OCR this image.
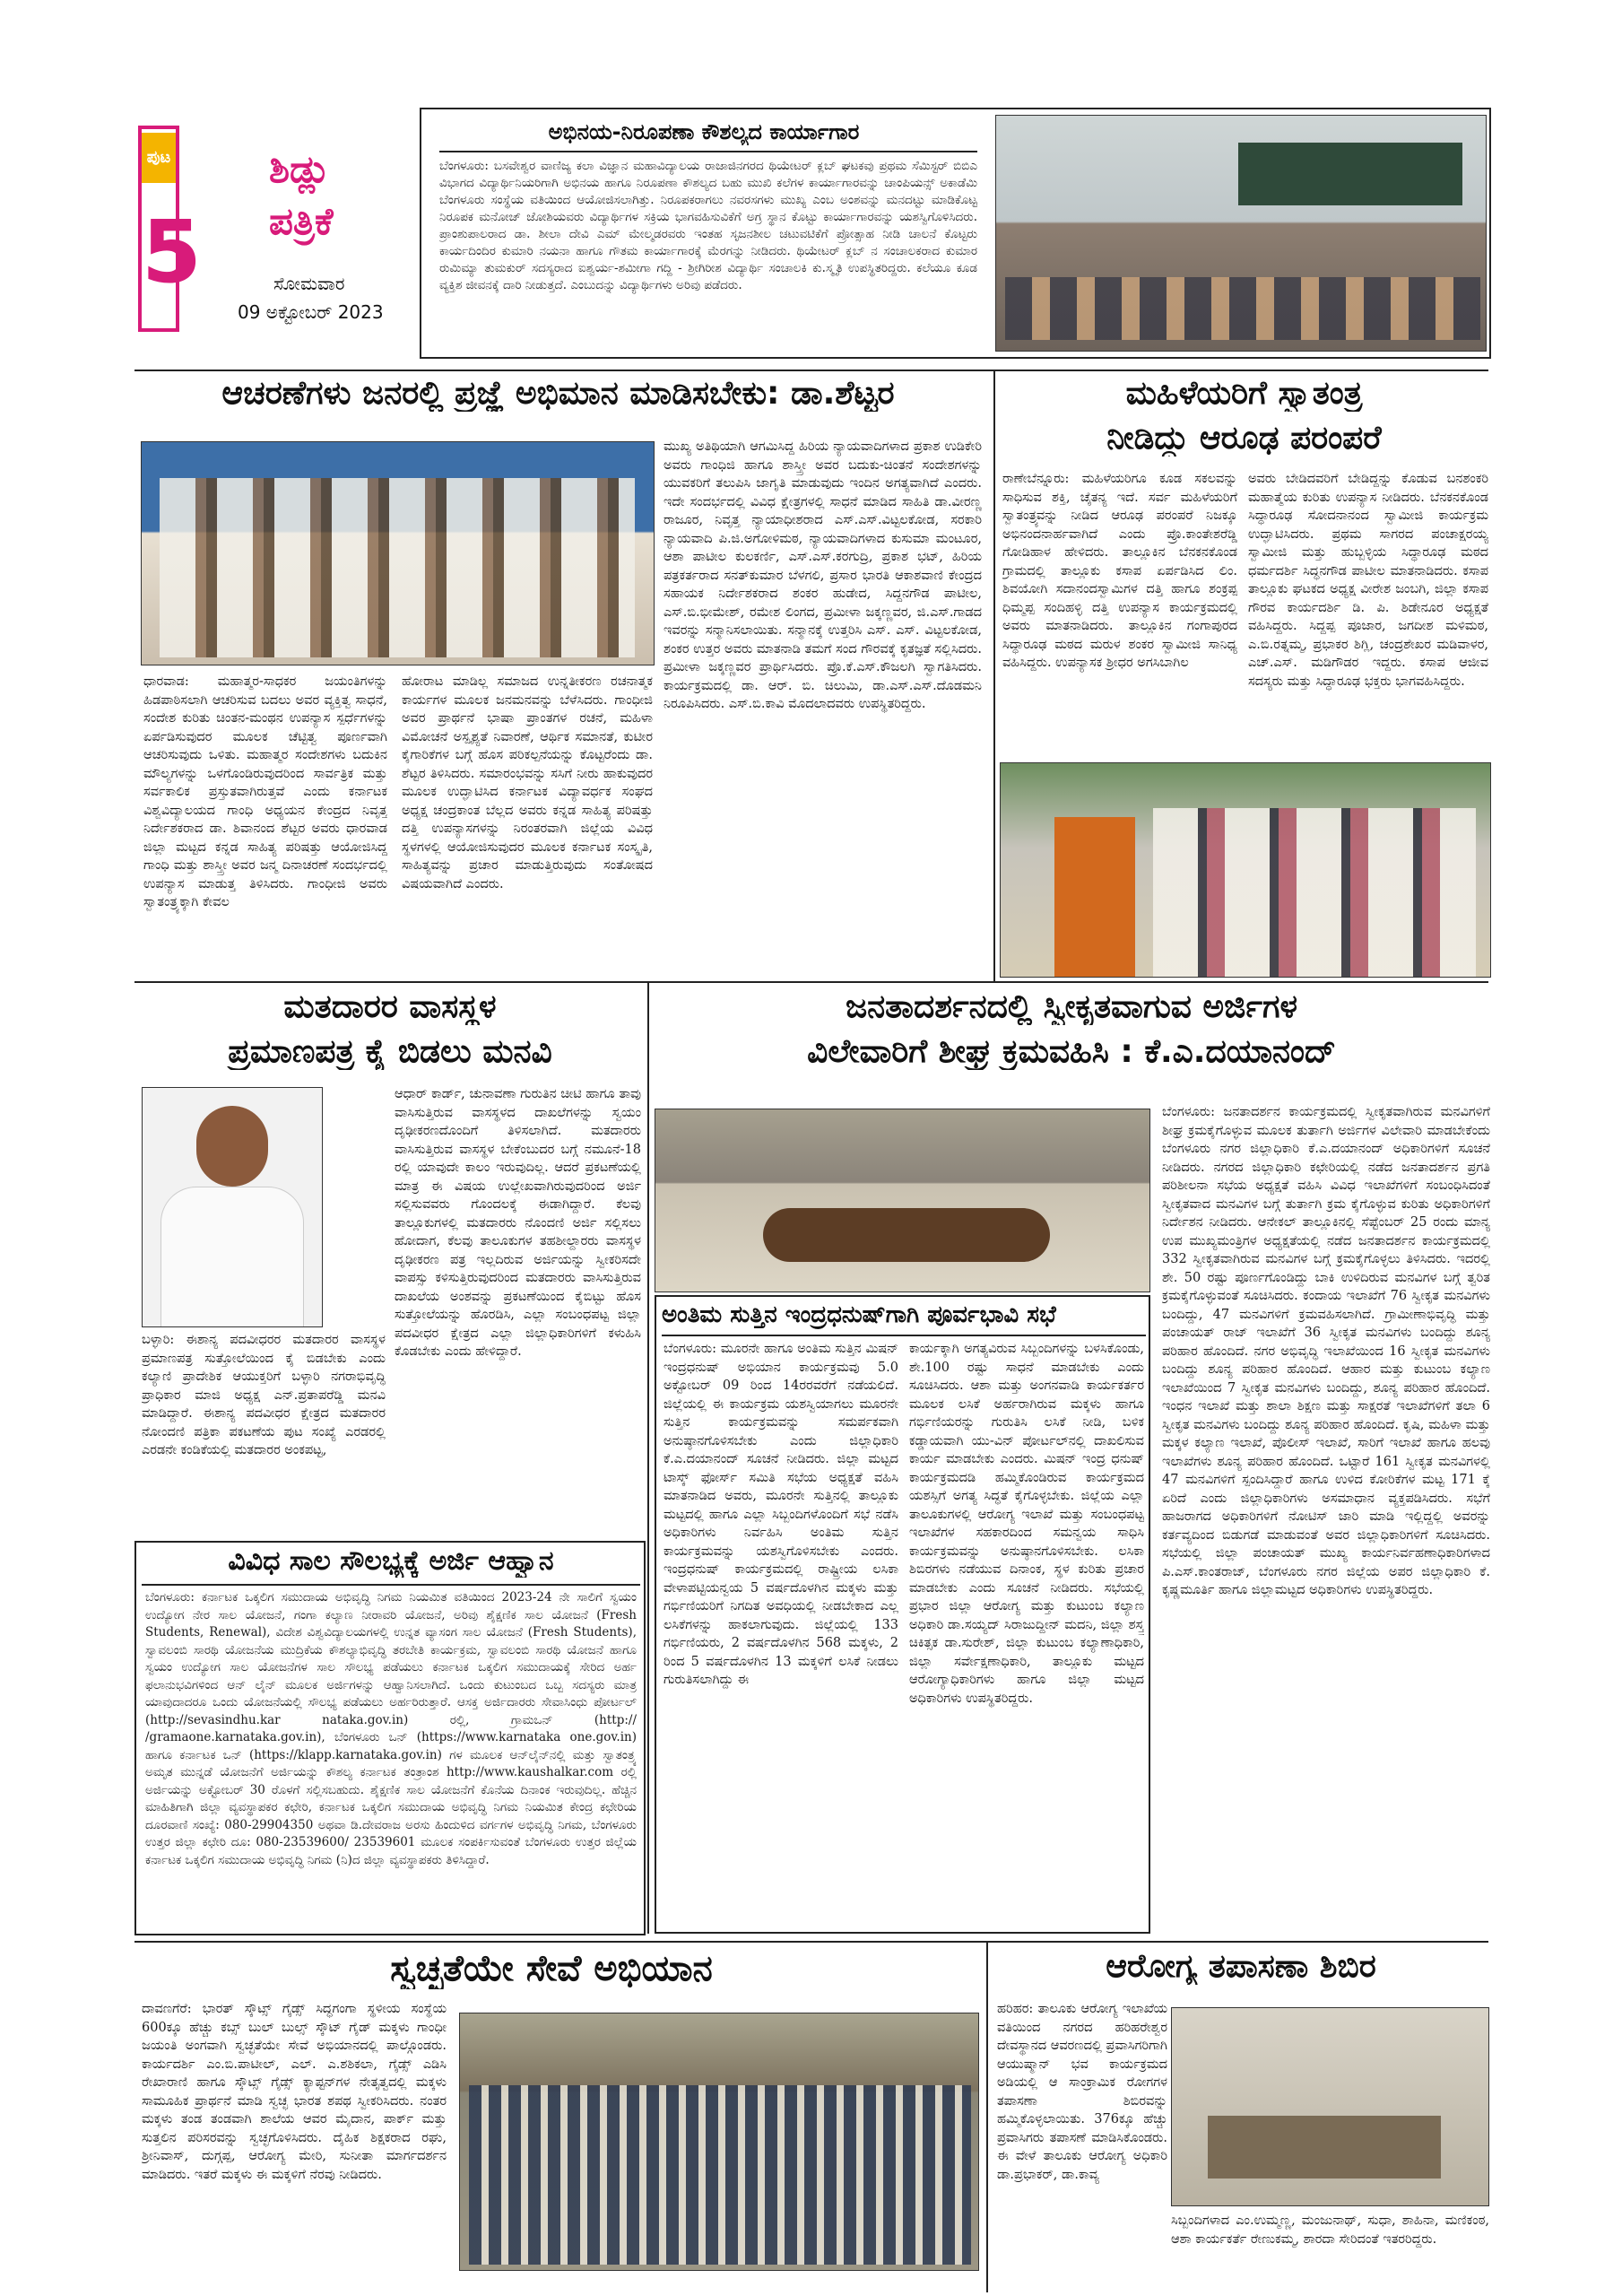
ಪುಟ
5
ಶಿಡ್ಲು
ಪತ್ರಿಕೆ
ಸೋಮವಾರ
09 ಅಕ್ಟೋಬರ್ 2023
ಅಭಿನಯ-ನಿರೂಪಣಾ ಕೌಶಲ್ಯದ ಕಾರ್ಯಾಗಾರ
ಬೆಂಗಳೂರು: ಬಸವೇಶ್ವರ ವಾಣಿಜ್ಯ ಕಲಾ ವಿಜ್ಞಾನ ಮಹಾವಿದ್ಯಾಲಯ ರಾಜಾಜಿನಗರದ ಥಿಯೇಟರ್ ಕ್ಲಬ್ ಘಟಕವು ಪ್ರಥಮ ಸೆಮಿಸ್ಟರ್ ಬಿಬಿಎ ವಿಭಾಗದ ವಿದ್ಯಾರ್ಥಿನಿಯರಿಗಾಗಿ ಅಭಿನಯ ಹಾಗೂ ನಿರೂಪಣಾ ಕೌಶಲ್ಯದ ಬಹು ಮುಖಿ ಕಲೆಗಳ ಕಾರ್ಯಾಗಾರವನ್ನು ಚಾಂಪಿಯನ್ಸ್ ಅಕಾಡೆಮಿ ಬೆಂಗಳೂರು ಸಂಸ್ಥೆಯ ವತಿಯಿಂದ ಆಯೋಜಿಸಲಾಗಿತ್ತು. ನಿರೂಪಕರಾಗಲು ನವರಸಗಳು ಮುಖ್ಯ ಎಂಬ ಅಂಶವನ್ನು ಮನದಟ್ಟು ಮಾಡಿಕೊಟ್ಟ ನಿರೂಪಕ ಮನೋಜ್ ಜೋಶಿಯವರು ವಿದ್ಯಾರ್ಥಿಗಳ ಸಕ್ರಿಯ ಭಾಗವಹಿಸುವಿಕೆಗೆ ಅಗ್ರ ಸ್ಥಾನ ಕೊಟ್ಟು ಕಾರ್ಯಾಗಾರವನ್ನು ಯಶಸ್ವಿಗೊಳಿಸಿದರು. ಪ್ರಾಂಶುಪಾಲರಾದ ಡಾ. ಶೀಲಾ ದೇವಿ ಎಮ್ ಮೇಲ್ಮಡರವರು ಇಂತಹ ಸೃಜನಶೀಲ ಚಟುವಟಿಕೆಗೆ ಪ್ರೋತ್ಸಾಹ ನೀಡಿ ಚಾಲನೆ ಕೊಟ್ಟರು ಕಾರ್ಯದಿಂದಿರ ಕುಮಾರಿ ನಯನಾ ಹಾಗೂ ಗೌತಮ ಕಾರ್ಯಾಗಾರಕ್ಕೆ ಮೆರಗನ್ನು ನೀಡಿದರು. ಥಿಯೇಟರ್ ಕ್ಲಬ್ ನ ಸಂಚಾಲಕರಾದ ಕುಮಾರ ರುಮಿಮ್ಯಾ ತುಮಕುರ್ ಸದಸ್ಯರಾದ ಐಶ್ವರ್ಯ-ಶಮೀಗಾ ಗದ್ದಿ - ಶ್ರೀಗಿರೀಶ ವಿದ್ಯಾರ್ಥಿ ಸಂಚಾಲಕಿ ಕು.ಸ್ಮೃತಿ ಉಪಸ್ಥಿತರಿದ್ದರು. ಕಲೆಯೂ ಕೂಡ ವ್ಯಕ್ತಿಶ ಜೀವನಕ್ಕೆ ದಾರಿ ನೀಡುತ್ತದೆ. ಎಂಬುದನ್ನು ವಿದ್ಯಾರ್ಥಿಗಳು ಅರಿವು ಪಡೆದರು.
ಆಚರಣೆಗಳು ಜನರಲ್ಲಿ ಪ್ರಜ್ಞೆ ಅಭಿಮಾನ ಮಾಡಿಸಬೇಕು: ಡಾ.ಶೆಟ್ಟರ
ಧಾರವಾಡ: ಮಹಾತ್ಮರ-ಸಾಧಕರ ಜಯಂತಿಗಳನ್ನು ಹಿಡಪಾಠಿಸಲಾಗಿ ಆಚರಿಸುವ ಬದಲು ಅವರ ವ್ಯಕ್ತಿತ್ವ ಸಾಧನೆ, ಸಂದೇಶ ಕುರಿತು ಚಿಂತನ-ಮಂಥನ ಉಪನ್ಯಾಸ ಸ್ಪರ್ಧೆಗಳನ್ನು ಏರ್ಪಡಿಸುವುದರ ಮೂಲಕ ಚೆಟ್ಟಿತ್ವ ಪೂರ್ಣವಾಗಿ ಆಚರಿಸುವುದು ಒಳಿತು. ಮಹಾತ್ಮರ ಸಂದೇಶಗಳು ಬದುಕಿನ ಮೌಲ್ಯಗಳನ್ನು ಒಳಗೊಂಡಿರುವುದರಿಂದ ಸಾರ್ವತ್ರಿಕ ಮತ್ತು ಸರ್ವಕಾಲಿಕ ಪ್ರಸ್ತುತವಾಗಿರುತ್ತವೆ ಎಂದು ಕರ್ನಾಟಕ ವಿಶ್ವವಿದ್ಯಾಲಯದ ಗಾಂಧಿ ಅಧ್ಯಯನ ಕೇಂದ್ರದ ನಿವೃತ್ತ ನಿರ್ದೇಶಕರಾದ ಡಾ. ಶಿವಾನಂದ ಶೆಟ್ಟರ ಅವರು ಧಾರವಾಡ ಜಿಲ್ಲಾ ಮಟ್ಟದ ಕನ್ನಡ ಸಾಹಿತ್ಯ ಪರಿಷತ್ತು ಆಯೋಜಿಸಿದ್ದ ಗಾಂಧಿ ಮತ್ತು ಶಾಸ್ತ್ರೀ ಅವರ ಜನ್ಮ ದಿನಾಚರಣೆ ಸಂದರ್ಭದಲ್ಲಿ ಉಪನ್ಯಾಸ ಮಾಡುತ್ತ ತಿಳಿಸಿದರು. ಗಾಂಧೀಜಿ ಅವರು ಸ್ವಾತಂತ್ರ್ಯಕ್ಕಾಗಿ ಕೇವಲ
ಹೋರಾಟ ಮಾಡಿಲ್ಲ ಸಮಾಜದ ಉನ್ನತೀಕರಣ ರಚನಾತ್ಮಕ ಕಾರ್ಯಗಳ ಮೂಲಕ ಜನಮನವನ್ನು ಬೆಳೆಸಿದರು. ಗಾಂಧೀಜಿ ಅವರ ಪ್ರಾರ್ಥನೆ ಭಾಷಾ ಪ್ರಾಂತಗಳ ರಚನೆ, ಮಹಿಳಾ ವಿಮೋಚನೆ ಅಸ್ಪೃಶ್ಯತೆ ನಿವಾರಣೆ, ಆರ್ಥಿಕ ಸಮಾನತೆ, ಕುಟೀರ ಕೈಗಾರಿಕೆಗಳ ಬಗ್ಗೆ ಹೊಸ ಪರಿಕಲ್ಪನೆಯನ್ನು ಕೊಟ್ಟರೆಂದು ಡಾ. ಶೆಟ್ಟರ ತಿಳಿಸಿದರು. ಸಮಾರಂಭವನ್ನು ಸಸಿಗೆ ನೀರು ಹಾಕುವುದರ ಮೂಲಕ ಉದ್ಘಾಟಿಸಿದ ಕರ್ನಾಟಕ ವಿದ್ಯಾವರ್ಧಕ ಸಂಘದ ಅಧ್ಯಕ್ಷ ಚಂದ್ರಕಾಂತ ಬೆಲ್ಲದ ಅವರು ಕನ್ನಡ ಸಾಹಿತ್ಯ ಪರಿಷತ್ತು ದತ್ತಿ ಉಪನ್ಯಾಸಗಳನ್ನು ನಿರಂತರವಾಗಿ ಜಿಲ್ಲೆಯ ವಿವಿಧ ಸ್ಥಳಗಳಲ್ಲಿ ಆಯೋಜಿಸುವುದರ ಮೂಲಕ ಕರ್ನಾಟಕ ಸಂಸ್ಕೃತಿ, ಸಾಹಿತ್ಯವನ್ನು ಪ್ರಚಾರ ಮಾಡುತ್ತಿರುವುದು ಸಂತೋಷದ ವಿಷಯವಾಗಿದೆ ಎಂದರು.
ಮುಖ್ಯ ಅತಿಥಿಯಾಗಿ ಆಗಮಿಸಿದ್ದ ಹಿರಿಯ ನ್ಯಾಯವಾದಿಗಳಾದ ಪ್ರಕಾಶ ಉಡಿಕೇರಿ ಅವರು ಗಾಂಧಿಜಿ ಹಾಗೂ ಶಾಸ್ತ್ರೀ ಅವರ ಬದುಕು-ಚಿಂತನೆ ಸಂದೇಶಗಳನ್ನು ಯುವಕರಿಗೆ ತಲುಪಿಸಿ ಜಾಗೃತಿ ಮಾಡುವುದು ಇಂದಿನ ಅಗತ್ಯವಾಗಿದೆ ಎಂದರು. ಇದೇ ಸಂದರ್ಭದಲ್ಲಿ ವಿವಿಧ ಕ್ಷೇತ್ರಗಳಲ್ಲಿ ಸಾಧನೆ ಮಾಡಿದ ಸಾಹಿತಿ ಡಾ.ವೀರಣ್ಣ ರಾಜೂರ, ನಿವೃತ್ತ ನ್ಯಾಯಾಧೀಶರಾದ ಎಸ್.ಎಸ್.ವಿಟ್ಟಲಕೋಡ, ಸರಕಾರಿ ನ್ಯಾಯವಾದಿ ಪಿ.ಜಿ.ಅಗೋಳಿಮಠ, ನ್ಯಾಯವಾದಿಗಳಾದ ಕುಸುಮಾ ಮಂಟೂರ, ಆಶಾ ಪಾಟೀಲ ಕುಲಕರ್ಣಿ, ಎಸ್.ಎಸ್.ಕರಗುದ್ರಿ, ಪ್ರಕಾಶ ಭಟ್, ಹಿರಿಯ ಪತ್ರಕರ್ತರಾದ ಸನತ್‌ಕುಮಾರ ಬೆಳಗಲಿ, ಪ್ರಸಾರ ಭಾರತಿ ಆಕಾಶವಾಣಿ ಕೇಂದ್ರದ ಸಹಾಯಕ ನಿರ್ದೇಶಕರಾದ ಶಂಕರ ಹುಡೇದ, ಸಿದ್ದನಗೌಡ ಪಾಟೀಲ, ಎಸ್.ಬಿ.ಭೀಮೇಶ್, ರಮೇಶ ಲಿಂಗದ, ಪ್ರಮೀಳಾ ಜಕ್ಕಣ್ಣವರ, ಜಿ.ಎಸ್.ಗಾಡದ ಇವರನ್ನು ಸನ್ಮಾನಿಸಲಾಯಿತು. ಸನ್ಮಾನಕ್ಕೆ ಉತ್ತರಿಸಿ ಎಸ್. ಎಸ್. ವಿಟ್ಟಲಕೋಡ, ಶಂಕರ ಉತ್ತರ ಅವರು ಮಾತನಾಡಿ ತಮಗೆ ಸಂದ ಗೌರವಕ್ಕೆ ಕೃತಜ್ಞತೆ ಸಲ್ಲಿಸಿದರು. ಪ್ರಮೀಳಾ ಜಕ್ಕಣ್ಣವರ ಪ್ರಾರ್ಥಿಸಿದರು. ಪ್ರೊ.ಕೆ.ಎಸ್.ಕೌಜಲಗಿ ಸ್ವಾಗತಿಸಿದರು. ಕಾರ್ಯಕ್ರಮದಲ್ಲಿ ಡಾ. ಆರ್. ಬಿ. ಚಿಲುಮಿ, ಡಾ.ಎಸ್.ಎಸ್.ದೊಡಮನಿ ನಿರೂಪಿಸಿದರು. ಎಸ್.ಬಿ.ಕಾವಿ ಮೊದಲಾದವರು ಉಪಸ್ಥಿತರಿದ್ದರು.
ಮಹಿಳೆಯರಿಗೆ ಸ್ವಾತಂತ್ರ
ನೀಡಿದ್ದು ಆರೂಢ ಪರಂಪರೆ
ರಾಣೇಬೆನ್ನೂರು: ಮಹಿಳೆಯರಿಗೂ ಕೂಡ ಸಕಲವನ್ನು ಸಾಧಿಸುವ ಶಕ್ತಿ, ಚೈತನ್ಯ ಇದೆ. ಸರ್ವ ಮಹಿಳೆಯರಿಗೆ ಸ್ವಾತಂತ್ರ್ಯವನ್ನು ನೀಡಿದ ಆರೂಢ ಪರಂಪರೆ ನಿಜಕ್ಕೂ ಅಭಿನಂದನಾರ್ಹವಾಗಿದೆ ಎಂದು ಪ್ರೊ.ಕಾಂತೇಶರೆಡ್ಡಿ ಗೋಡಿಹಾಳ ಹೇಳಿದರು. ತಾಲ್ಲೂಕಿನ ಬೆನಕನಕೊಂಡ ಗ್ರಾಮದಲ್ಲಿ ತಾಲ್ಲೂಕು ಕಸಾಪ ಏರ್ಪಡಿಸಿದ ಲಿಂ. ಶಿವಯೋಗಿ ಸದಾನಂದಸ್ವಾಮಿಗಳ ದತ್ತಿ ಹಾಗೂ ಶಂಕ್ರಪ್ಪ ಧಿಮ್ಮಪ್ಪ ಸಂದಿಹಳ್ಳಿ ದತ್ತಿ ಉಪನ್ಯಾಸ ಕಾರ್ಯಕ್ರಮದಲ್ಲಿ ಅವರು ಮಾತನಾಡಿದರು. ತಾಲ್ಲೂಕಿನ ಗಂಗಾಪುರದ ಸಿದ್ಧಾರೂಢ ಮಠದ ಮರುಳ ಶಂಕರ ಸ್ವಾಮೀಜಿ ಸಾನಿಧ್ಯ ವಹಿಸಿದ್ದರು. ಉಪನ್ಯಾಸಕ ಶ್ರೀಧರ ಅಗಸಿಬಾಗಿಲ
ಅವರು ಬೇಡಿದವರಿಗೆ ಬೇಡಿದ್ದನ್ನು ಕೊಡುವ ಬನಶಂಕರಿ ಮಹಾತ್ಮೆಯ ಕುರಿತು ಉಪನ್ಯಾಸ ನೀಡಿದರು. ಬೆನಕನಕೊಂಡ ಸಿದ್ಧಾರೂಢ ಸೋದನಾನಂದ ಸ್ವಾಮೀಜಿ ಕಾರ್ಯಕ್ರಮ ಉದ್ಘಾಟಿಸಿದರು. ಪ್ರಥಮ ಸಾಗರದ ಪಂಚಾಕ್ಷರಯ್ಯ ಸ್ವಾಮೀಜಿ ಮತ್ತು ಹುಬ್ಬಳ್ಳಿಯ ಸಿದ್ಧಾರೂಢ ಮಠದ ಧರ್ಮದರ್ಶಿ ಸಿದ್ಧನಗೌಡ ಪಾಟೀಲ ಮಾತನಾಡಿದರು. ಕಸಾಪ ತಾಲ್ಲೂಕು ಘಟಕದ ಅಧ್ಯಕ್ಷ ವೀರೇಶ ಜಂಬಗಿ, ಜಿಲ್ಲಾ ಕಸಾಪ ಗೌರವ ಕಾರ್ಯದರ್ಶಿ ಡಿ. ಪಿ. ಶಿಡೇನೂರ ಅಧ್ಯಕ್ಷತೆ ವಹಿಸಿದ್ದರು. ಸಿದ್ದಪ್ಪ ಪೂಜಾರ, ಜಗದೀಶ ಮಳಿಮಠ, ಎ.ಬಿ.ರತ್ನಮ್ಮ, ಪ್ರಭಾಕರ ಶಿಗ್ಲಿ, ಚಂದ್ರಶೇಖರ ಮಡಿವಾಳರ, ಎಚ್.ಎಸ್. ಮಡಿಗೌಡರ ಇದ್ದರು. ಕಸಾಪ ಆಜೀವ ಸದಸ್ಯರು ಮತ್ತು ಸಿದ್ಧಾರೂಢ ಭಕ್ತರು ಭಾಗವಹಿಸಿದ್ದರು.
ಮತದಾರರ ವಾಸಸ್ಥಳ
ಪ್ರಮಾಣಪತ್ರ ಕೈ ಬಿಡಲು ಮನವಿ
ಆಧಾರ್ ಕಾರ್ಡ್, ಚುನಾವಣಾ ಗುರುತಿನ ಚೀಟಿ ಹಾಗೂ ತಾವು ವಾಸಿಸುತ್ತಿರುವ ವಾಸಸ್ಥಳದ ದಾಖಲೆಗಳನ್ನು ಸ್ವಯಂ ದೃಢೀಕರಣದೊಂದಿಗೆ ತಿಳಿಸಲಾಗಿದೆ. ಮತದಾರರು ವಾಸಿಸುತ್ತಿರುವ ವಾಸಸ್ಥಳ ಬೇಕೆಂಬುದರ ಬಗ್ಗೆ ನಮೂನೆ-18 ರಲ್ಲಿ ಯಾವುದೇ ಕಾಲಂ ಇರುವುದಿಲ್ಲ. ಆದರೆ ಪ್ರಕಟಣೆಯಲ್ಲಿ ಮಾತ್ರ ಈ ವಿಷಯ ಉಲ್ಲೇಖವಾಗಿರುವುದರಿಂದ ಅರ್ಜಿ ಸಲ್ಲಿಸುವವರು ಗೊಂದಲಕ್ಕೆ ಈಡಾಗಿದ್ದಾರೆ. ಕೆಲವು ತಾಲ್ಲೂಕುಗಳಲ್ಲಿ ಮತದಾರರು ನೊಂದಣಿ ಅರ್ಜಿ ಸಲ್ಲಿಸಲು ಹೋದಾಗ, ಕೆಲವು ತಾಲೂಕುಗಳ ತಹಶೀಲ್ದಾರರು ವಾಸಸ್ಥಳ ದೃಢೀಕರಣ ಪತ್ರ ಇಲ್ಲದಿರುವ ಅರ್ಜಿಯನ್ನು ಸ್ವೀಕರಿಸದೇ ವಾಪಸ್ಸು ಕಳಿಸುತ್ತಿರುವುದರಿಂದ ಮತದಾರರು ವಾಸಿಸುತ್ತಿರುವ ದಾಖಲೆಯ ಅಂಶವನ್ನು ಪ್ರಕಟಣೆಯಿಂದ ಕೈಬಿಟ್ಟು ಹೊಸ ಸುತ್ತೋಲೆಯನ್ನು ಹೊರಡಿಸಿ, ಎಲ್ಲಾ ಸಂಬಂಧಪಟ್ಟ ಜಿಲ್ಲಾ ಪದವೀಧರ ಕ್ಷೇತ್ರದ ಎಲ್ಲಾ ಜಿಲ್ಲಾಧಿಕಾರಿಗಳಿಗೆ ಕಳುಹಿಸಿ ಕೊಡಬೇಕು ಎಂದು ಹೇಳಿದ್ದಾರೆ.
ಬಳ್ಳಾರಿ: ಈಶಾನ್ಯ ಪದವೀಧರರ ಮತದಾರರ ವಾಸಸ್ಥಳ ಪ್ರಮಾಣಪತ್ರ ಸುತ್ತೋಲೆಯಿಂದ ಕೈ ಬಿಡಬೇಕು ಎಂದು ಕಲ್ಯಾಣಿ ಪ್ರಾದೇಶಿಕ ಆಯುಕ್ತರಿಗೆ ಬಳ್ಳಾರಿ ನಗರಾಭಿವೃದ್ಧಿ ಪ್ರಾಧಿಕಾರ ಮಾಜಿ ಅಧ್ಯಕ್ಷ ಎನ್.ಪ್ರತಾಪರೆಡ್ಡಿ ಮನವಿ ಮಾಡಿದ್ದಾರೆ. ಈಶಾನ್ಯ ಪದವೀಧರ ಕ್ಷೇತ್ರದ ಮತದಾರರ ನೋಂದಣಿ ಪತ್ರಿಕಾ ಪಕಟಣೆಯ ಪುಟ ಸಂಖ್ಯೆ ಎರಡರಲ್ಲಿ ಎರಡನೇ ಕಂಡಿಕೆಯಲ್ಲಿ ಮತದಾರರ ಅಂಕಪಟ್ಟ,
ಜನತಾದರ್ಶನದಲ್ಲಿ ಸ್ವೀಕೃತವಾಗುವ ಅರ್ಜಿಗಳ
ವಿಲೇವಾರಿಗೆ ಶೀಘ್ರ ಕ್ರಮವಹಿಸಿ : ಕೆ.ಎ.ದಯಾನಂದ್
ಬೆಂಗಳೂರು: ಜನತಾದರ್ಶನ ಕಾರ್ಯಕ್ರಮದಲ್ಲಿ ಸ್ವೀಕೃತವಾಗಿರುವ ಮನವಿಗಳಿಗೆ ಶೀಘ್ರ ಕ್ರಮಕೈಗೊಳ್ಳುವ ಮೂಲಕ ತುರ್ತಾಗಿ ಅರ್ಜಿಗಳ ವಿಲೇವಾರಿ ಮಾಡಬೇಕೆಂದು ಬೆಂಗಳೂರು ನಗರ ಜಿಲ್ಲಾಧಿಕಾರಿ ಕೆ.ಎ.ದಯಾನಂದ್ ಅಧಿಕಾರಿಗಳಿಗೆ ಸೂಚನೆ ನೀಡಿದರು. ನಗರದ ಜಿಲ್ಲಾಧಿಕಾರಿ ಕಛೇರಿಯಲ್ಲಿ ನಡೆದ ಜನತಾದರ್ಶನ ಪ್ರಗತಿ ಪರಿಶೀಲನಾ ಸಭೆಯ ಅಧ್ಯಕ್ಷತೆ ವಹಿಸಿ ವಿವಿಧ ಇಲಾಖೆಗಳಿಗೆ ಸಂಬಂಧಿಸಿದಂತೆ ಸ್ವೀಕೃತವಾದ ಮನವಿಗಳ ಬಗ್ಗೆ ತುರ್ತಾಗಿ ಕ್ರಮ ಕೈಗೊಳ್ಳುವ ಕುರಿತು ಅಧಿಕಾರಿಗಳಿಗೆ ನಿರ್ದೇಶನ ನೀಡಿದರು. ಆನೇಕಲ್ ತಾಲ್ಲೂಕಿನಲ್ಲಿ ಸೆಪ್ಟೆಂಬರ್ 25 ರಂದು ಮಾನ್ಯ ಉಪ ಮುಖ್ಯಮಂತ್ರಿಗಳ ಅಧ್ಯಕ್ಷತೆಯಲ್ಲಿ ನಡೆದ ಜನತಾದರ್ಶನ ಕಾರ್ಯಕ್ರಮದಲ್ಲಿ 332 ಸ್ವೀಕೃತವಾಗಿರುವ ಮನವಿಗಳ ಬಗ್ಗೆ ಕ್ರಮಕೈಗೊಳ್ಳಲು ತಿಳಿಸಿದರು. ಇದರಲ್ಲಿ ಶೇ. 50 ರಷ್ಟು ಪೂರ್ಣಗೊಂಡಿದ್ದು ಬಾಕಿ ಉಳಿದಿರುವ ಮನವಿಗಳ ಬಗ್ಗೆ ತ್ವರಿತ ಕ್ರಮಕೈಗೊಳ್ಳುವಂತೆ ಸೂಚಿಸಿದರು. ಕಂದಾಯ ಇಲಾಖೆಗೆ 76 ಸ್ವೀಕೃತ ಮನವಿಗಳು ಬಂದಿದ್ದು, 47 ಮನವಿಗಳಿಗೆ ಕ್ರಮವಹಿಸಲಾಗಿದೆ. ಗ್ರಾಮೀಣಾಭಿವೃದ್ಧಿ ಮತ್ತು ಪಂಚಾಯತ್ ರಾಜ್ ಇಲಾಖೆಗೆ 36 ಸ್ವೀಕೃತ ಮನವಿಗಳು ಬಂದಿದ್ದು ಶೂನ್ಯ ಪರಿಹಾರ ಹೊಂದಿದೆ. ನಗರ ಅಭಿವೃದ್ಧಿ ಇಲಾಖೆಯಿಂದ 16 ಸ್ವೀಕೃತ ಮನವಿಗಳು ಬಂದಿದ್ದು ಶೂನ್ಯ ಪರಿಹಾರ ಹೊಂದಿದೆ. ಆಹಾರ ಮತ್ತು ಕುಟುಂಬ ಕಲ್ಯಾಣ ಇಲಾಖೆಯಿಂದ 7 ಸ್ವೀಕೃತ ಮನವಿಗಳು ಬಂದಿದ್ದು, ಶೂನ್ಯ ಪರಿಹಾರ ಹೊಂದಿದೆ. ಇಂಧನ ಇಲಾಖೆ ಮತ್ತು ಶಾಲಾ ಶಿಕ್ಷಣ ಮತ್ತು ಸಾಕ್ಷರತೆ ಇಲಾಖೆಗಳಿಗೆ ತಲಾ 6 ಸ್ವೀಕೃತ ಮನವಿಗಳು ಬಂದಿದ್ದು ಶೂನ್ಯ ಪರಿಹಾರ ಹೊಂದಿದೆ. ಕೃಷಿ, ಮಹಿಳಾ ಮತ್ತು ಮಕ್ಕಳ ಕಲ್ಯಾಣ ಇಲಾಖೆ, ಪೊಲೀಸ್ ಇಲಾಖೆ, ಸಾರಿಗೆ ಇಲಾಖೆ ಹಾಗೂ ಹಲವು ಇಲಾಖೆಗಳು ಶೂನ್ಯ ಪರಿಹಾರ ಹೊಂದಿದೆ. ಒಟ್ಟಾರೆ 161 ಸ್ವೀಕೃತ ಮನವಿಗಳಲ್ಲಿ 47 ಮನವಿಗಳಿಗೆ ಸ್ಪಂದಿಸಿದ್ದಾರೆ ಹಾಗೂ ಉಳಿದ ಕೋರಿಕೆಗಳ ಮಟ್ಟ 171 ಕ್ಕೆ ಏರಿದೆ ಎಂದು ಜಿಲ್ಲಾಧಿಕಾರಿಗಳು ಅಸಮಾಧಾನ ವ್ಯಕ್ತಪಡಿಸಿದರು. ಸಭೆಗೆ ಹಾಜರಾಗದ ಅಧಿಕಾರಿಗಳಿಗೆ ನೋಟಿಸ್ ಜಾರಿ ಮಾಡಿ ಇಲ್ಲಿದ್ದಲ್ಲಿ ಅವರನ್ನು ಕರ್ತವ್ಯದಿಂದ ಬಿಡುಗಡೆ ಮಾಡುವಂತೆ ಅವರ ಜಿಲ್ಲಾಧಿಕಾರಿಗಳಿಗೆ ಸೂಚಿಸಿದರು. ಸಭೆಯಲ್ಲಿ ಜಿಲ್ಲಾ ಪಂಚಾಯತ್ ಮುಖ್ಯ ಕಾರ್ಯನಿರ್ವಹಣಾಧಿಕಾರಿಗಳಾದ ಪಿ.ಎಸ್.ಕಾಂತರಾಜ್, ಬೆಂಗಳೂರು ನಗರ ಜಿಲ್ಲೆಯ ಅಪರ ಜಿಲ್ಲಾಧಿಕಾರಿ ಕೆ. ಕೃಷ್ಣಮೂರ್ತಿ ಹಾಗೂ ಜಿಲ್ಲಾಮಟ್ಟದ ಅಧಿಕಾರಿಗಳು ಉಪಸ್ಥಿತರಿದ್ದರು.
ಅಂತಿಮ ಸುತ್ತಿನ ಇಂದ್ರಧನುಷ್‌ಗಾಗಿ ಪೂರ್ವಭಾವಿ ಸಭೆ
ಬೆಂಗಳೂರು: ಮೂರನೇ ಹಾಗೂ ಅಂತಿಮ ಸುತ್ತಿನ ಮಿಷನ್ ಇಂದ್ರಧನುಷ್ ಅಭಿಯಾನ ಕಾರ್ಯಕ್ರಮವು 5.0 ಅಕ್ಟೋಬರ್ 09 ರಿಂದ 14ರರವರೆಗೆ ನಡೆಯಲಿದೆ. ಜಿಲ್ಲೆಯಲ್ಲಿ ಈ ಕಾರ್ಯಕ್ರಮ ಯಶಸ್ವಿಯಾಗಲು ಮೂರನೇ ಸುತ್ತಿನ ಕಾರ್ಯಕ್ರಮವನ್ನು ಸಮರ್ಪಕವಾಗಿ ಅನುಷ್ಠಾನಗೊಳಿಸಬೇಕು ಎಂದು ಜಿಲ್ಲಾಧಿಕಾರಿ ಕೆ.ಎ.ದಯಾನಂದ್ ಸೂಚನೆ ನೀಡಿದರು. ಜಿಲ್ಲಾ ಮಟ್ಟದ ಟಾಸ್ಕ್ ಫೋರ್ಸ್ ಸಮಿತಿ ಸಭೆಯ ಅಧ್ಯಕ್ಷತೆ ವಹಿಸಿ ಮಾತನಾಡಿದ ಅವರು, ಮೂರನೇ ಸುತ್ತಿನಲ್ಲಿ ತಾಲ್ಲೂಕು ಮಟ್ಟದಲ್ಲಿ ಹಾಗೂ ಎಲ್ಲಾ ಸಿಬ್ಬಂದಿಗಳೊಂದಿಗೆ ಸಭೆ ನಡೆಸಿ ಅಧಿಕಾರಿಗಳು ನಿರ್ವಹಿಸಿ ಅಂತಿಮ ಸುತ್ತಿನ ಕಾರ್ಯಕ್ರಮವನ್ನು ಯಶಸ್ವಿಗೊಳಿಸಬೇಕು ಎಂದರು. ಇಂದ್ರಧನುಷ್ ಕಾರ್ಯಕ್ರಮದಲ್ಲಿ ರಾಷ್ಟ್ರೀಯ ಲಸಿಕಾ ವೇಳಾಪಟ್ಟಿಯನ್ವಯ 5 ವರ್ಷದೊಳಗಿನ ಮಕ್ಕಳು ಮತ್ತು ಗರ್ಭಿಣಿಯರಿಗೆ ನಿಗದಿತ ಅವಧಿಯಲ್ಲಿ ನೀಡಬೇಕಾದ ಎಲ್ಲ ಲಸಿಕೆಗಳನ್ನು ಹಾಕಲಾಗುವುದು. ಜಿಲ್ಲೆಯಲ್ಲಿ 133 ಗರ್ಭಿಣಿಯರು, 2 ವರ್ಷದೊಳಗಿನ 568 ಮಕ್ಕಳು, 2 ರಿಂದ 5 ವರ್ಷದೊಳಗಿನ 13 ಮಕ್ಕಳಿಗೆ ಲಸಿಕೆ ನೀಡಲು ಗುರುತಿಸಲಾಗಿದ್ದು ಈ
ಕಾರ್ಯಕ್ಕಾಗಿ ಅಗತ್ಯವಿರುವ ಸಿಬ್ಬಂದಿಗಳನ್ನು ಬಳಸಿಕೊಂಡು, ಶೇ.100 ರಷ್ಟು ಸಾಧನೆ ಮಾಡಬೇಕು ಎಂದು ಸೂಚಿಸಿದರು. ಆಶಾ ಮತ್ತು ಅಂಗನವಾಡಿ ಕಾರ್ಯಕರ್ತರ ಮೂಲಕ ಲಸಿಕೆ ಅರ್ಹರಾಗಿರುವ ಮಕ್ಕಳು ಹಾಗೂ ಗರ್ಭಿಣಿಯರನ್ನು ಗುರುತಿಸಿ ಲಸಿಕೆ ನೀಡಿ, ಬಳಿಕ ಕಡ್ಡಾಯವಾಗಿ ಯು-ವಿನ್ ಪೋರ್ಟಲ್‌ನಲ್ಲಿ ದಾಖಲಿಸುವ ಕಾರ್ಯ ಮಾಡಬೇಕು ಎಂದರು. ಮಿಷನ್ ಇಂದ್ರ ಧನುಷ್ ಕಾರ್ಯಕ್ರಮದಡಿ ಹಮ್ಮಿಕೊಂಡಿರುವ ಕಾರ್ಯಕ್ರಮದ ಯಶಸ್ಸಿಗೆ ಅಗತ್ಯ ಸಿದ್ಧತೆ ಕೈಗೊಳ್ಳಬೇಕು. ಜಿಲ್ಲೆಯ ಎಲ್ಲಾ ತಾಲೂಕುಗಳಲ್ಲಿ ಆರೋಗ್ಯ ಇಲಾಖೆ ಮತ್ತು ಸಂಬಂಧಪಟ್ಟ ಇಲಾಖೆಗಳ ಸಹಕಾರದಿಂದ ಸಮನ್ವಯ ಸಾಧಿಸಿ ಕಾರ್ಯಕ್ರಮವನ್ನು ಅನುಷ್ಠಾನಗೊಳಿಸಬೇಕು. ಲಸಿಕಾ ಶಿಬಿರಗಳು ನಡೆಯುವ ದಿನಾಂಕ, ಸ್ಥಳ ಕುರಿತು ಪ್ರಚಾರ ಮಾಡಬೇಕು ಎಂದು ಸೂಚನೆ ನೀಡಿದರು. ಸಭೆಯಲ್ಲಿ ಪ್ರಭಾರ ಜಿಲ್ಲಾ ಆರೋಗ್ಯ ಮತ್ತು ಕುಟುಂಬ ಕಲ್ಯಾಣ ಅಧಿಕಾರಿ ಡಾ.ಸಯ್ಯದ್ ಸಿರಾಜುದ್ದೀನ್ ಮದನಿ, ಜಿಲ್ಲಾ ಶಸ್ತ್ರ ಚಿಕಿತ್ಸಕ ಡಾ.ಸುರೇಶ್, ಜಿಲ್ಲಾ ಕುಟುಂಬ ಕಲ್ಯಾಣಾಧಿಕಾರಿ, ಜಿಲ್ಲಾ ಸರ್ವೇಕ್ಷಣಾಧಿಕಾರಿ, ತಾಲ್ಲೂಕು ಮಟ್ಟದ ಆರೋಗ್ಯಾಧಿಕಾರಿಗಳು ಹಾಗೂ ಜಿಲ್ಲಾ ಮಟ್ಟದ ಅಧಿಕಾರಿಗಳು ಉಪಸ್ಥಿತರಿದ್ದರು.
ವಿವಿಧ ಸಾಲ ಸೌಲಭ್ಯಕ್ಕೆ ಅರ್ಜಿ ಆಹ್ವಾನ
ಬೆಂಗಳೂರು: ಕರ್ನಾಟಕ ಒಕ್ಕಲಿಗ ಸಮುದಾಯ ಅಭಿವೃದ್ಧಿ ನಿಗಮ ನಿಯಮಿತ ವತಿಯಿಂದ 2023-24 ನೇ ಸಾಲಿಗೆ ಸ್ವಯಂ ಉದ್ಯೋಗ ನೇರ ಸಾಲ ಯೋಜನೆ, ಗಂಗಾ ಕಲ್ಯಾಣ ನೀರಾವರಿ ಯೋಜನೆ, ಅರಿವು ಶೈಕ್ಷಣಿಕ ಸಾಲ ಯೋಜನೆ (Fresh Students, Renewal), ವಿದೇಶ ವಿಶ್ವವಿದ್ಯಾಲಯಗಳಲ್ಲಿ ಉನ್ನತ ವ್ಯಾಸಂಗ ಸಾಲ ಯೋಜನೆ (Fresh Students), ಸ್ವಾವಲಂಬಿ ಸಾರಥಿ ಯೋಜನೆಯ ಮುದ್ರಿಕೆಯ ಕೌಶಲ್ಯಾಭಿವೃದ್ಧಿ ತರಬೇತಿ ಕಾರ್ಯಕ್ರಮ, ಸ್ವಾವಲಂಬಿ ಸಾರಥಿ ಯೋಜನೆ ಹಾಗೂ ಸ್ವಯಂ ಉದ್ಯೋಗ ಸಾಲ ಯೋಜನೆಗಳ ಸಾಲ ಸೌಲಭ್ಯ ಪಡೆಯಲು ಕರ್ನಾಟಕ ಒಕ್ಕಲಿಗ ಸಮುದಾಯಕ್ಕೆ ಸೇರಿದ ಅರ್ಹ ಫಲಾನುಭವಿಗಳಿಂದ ಆನ್ ಲೈನ್ ಮೂಲಕ ಅರ್ಜಿಗಳನ್ನು ಆಹ್ವಾನಿಸಲಾಗಿದೆ. ಒಂದು ಕುಟುಂಬದ ಒಬ್ಬ ಸದಸ್ಯರು ಮಾತ್ರ ಯಾವುದಾದರೂ ಒಂದು ಯೋಜನೆಯಲ್ಲಿ ಸೌಲಭ್ಯ ಪಡೆಯಲು ಅರ್ಹರಿರುತ್ತಾರೆ. ಆಸಕ್ತ ಅರ್ಜಿದಾರರು ಸೇವಾಸಿಂಧು ಪೋರ್ಟಲ್ (http://sevasindhu.kar nataka.gov.in) ರಲ್ಲಿ, ಗ್ರಾಮಒನ್ (http:// /gramaone.karnataka.gov.in), ಬೆಂಗಳೂರು ಒನ್ (https://www.karnataka one.gov.in) ಹಾಗೂ ಕರ್ನಾಟಕ ಒನ್ (https://klapp.karnataka.gov.in) ಗಳ ಮೂಲಕ ಆನ್‌ಲೈನ್‌ನಲ್ಲಿ ಮತ್ತು ಸ್ವಾತಂತ್ರ್ಯ ಅಮೃತ ಮುನ್ನಡೆ ಯೋಜನೆಗೆ ಅರ್ಜಿಯನ್ನು ಕೌಶಲ್ಯ ಕರ್ನಾಟಕ ತಂತ್ರಾಂಶ http://www.kaushalkar.com ರಲ್ಲಿ ಅರ್ಜಿಯನ್ನು ಅಕ್ಟೋಬರ್ 30 ರೊಳಗೆ ಸಲ್ಲಿಸಬಹುದು. ಶೈಕ್ಷಣಿಕ ಸಾಲ ಯೋಜನೆಗೆ ಕೊನೆಯ ದಿನಾಂಕ ಇರುವುದಿಲ್ಲ. ಹೆಚ್ಚಿನ ಮಾಹಿತಿಗಾಗಿ ಜಿಲ್ಲಾ ವ್ಯವಸ್ಥಾಪಕರ ಕಛೇರಿ, ಕರ್ನಾಟಕ ಒಕ್ಕಲಿಗ ಸಮುದಾಯ ಅಭಿವೃದ್ಧಿ ನಿಗಮ ನಿಯಮಿತ ಕೇಂದ್ರ ಕಛೇರಿಯ ದೂರವಾಣಿ ಸಂಖ್ಯೆ: 080-29904350 ಅಥವಾ ಡಿ.ದೇವರಾಜ ಅರಸು ಹಿಂದುಳಿದ ವರ್ಗಗಳ ಅಭಿವೃದ್ಧಿ ನಿಗಮ, ಬೆಂಗಳೂರು ಉತ್ತರ ಜಿಲ್ಲಾ ಕಛೇರಿ ದೂ: 080-23539600/ 23539601 ಮೂಲಕ ಸಂಪರ್ಕಿಸುವಂತೆ ಬೆಂಗಳೂರು ಉತ್ತರ ಜಿಲ್ಲೆಯ ಕರ್ನಾಟಕ ಒಕ್ಕಲಿಗ ಸಮುದಾಯ ಅಭಿವೃದ್ಧಿ ನಿಗಮ (ನಿ)ದ ಜಿಲ್ಲಾ ವ್ಯವಸ್ಥಾಪಕರು ತಿಳಿಸಿದ್ದಾರೆ.
ಸ್ವಚ್ಛತೆಯೇ ಸೇವೆ ಅಭಿಯಾನ
ದಾವಣಗೆರೆ: ಭಾರತ್ ಸ್ಕೌಟ್ಸ್ ಗೈಡ್ಸ್ ಸಿದ್ಧಗಂಗಾ ಸ್ಥಳೀಯ ಸಂಸ್ಥೆಯ 600ಕ್ಕೂ ಹೆಚ್ಚು ಕಬ್ಸ್ ಬುಲ್ ಬುಲ್ಸ್ ಸ್ಕೌಟ್ ಗೈಡ್ ಮಕ್ಕಳು ಗಾಂಧೀ ಜಯಂತಿ ಅಂಗವಾಗಿ ಸ್ವಚ್ಛತೆಯೇ ಸೇವೆ ಅಭಿಯಾನದಲ್ಲಿ ಪಾಲ್ಗೊಂಡರು. ಕಾರ್ಯದರ್ಶಿ ಎಂ.ಬಿ.ಪಾಟೀಲ್, ಎಲ್. ಎ.ಶಶಿಕಲಾ, ಗೈಡ್ಸ್ ಎಡಿಸಿ ರೇಖಾರಾಣಿ ಹಾಗೂ ಸ್ಕೌಟ್ಸ್ ಗೈಡ್ಸ್ ಕ್ಯಾಪ್ಟನ್‌ಗಳ ನೇತೃತ್ವದಲ್ಲಿ ಮಕ್ಕಳು ಸಾಮೂಹಿಕ ಪ್ರಾರ್ಥನೆ ಮಾಡಿ ಸ್ವಚ್ಛ ಭಾರತ ಶಪಥ ಸ್ವೀಕರಿಸಿದರು. ನಂತರ ಮಕ್ಕಳು ತಂಡ ತಂಡವಾಗಿ ಶಾಲೆಯ ಆವರ ಮೈದಾನ, ಪಾರ್ಕ್ ಮತ್ತು ಸುತ್ತಲಿನ ಪರಿಸರವನ್ನು ಸ್ವಚ್ಛಗೊಳಿಸಿದರು. ದೈಹಿಕ ಶಿಕ್ಷಕರಾದ ರಘು, ಶ್ರೀನಿವಾಸ್, ದುಗ್ಗಪ್ಪ, ಆರೋಗ್ಯ ಮೇರಿ, ಸುನೀತಾ ಮಾರ್ಗದರ್ಶನ ಮಾಡಿದರು. ಇತರೆ ಮಕ್ಕಳು ಈ ಮಕ್ಕಳಿಗೆ ನೆರವು ನೀಡಿದರು.
ಆರೋಗ್ಯ ತಪಾಸಣಾ ಶಿಬಿರ
ಹರಿಹರ: ತಾಲೂಕು ಆರೋಗ್ಯ ಇಲಾಖೆಯ ವತಿಯಿಂದ ನಗರದ ಹರಿಹರೇಶ್ವರ ದೇವಸ್ಥಾನದ ಆವರಣದಲ್ಲಿ ಪ್ರವಾಸಿಗರಿಗಾಗಿ ಆಯುಷ್ಮಾನ್ ಭವ ಕಾರ್ಯಕ್ರಮದ ಅಡಿಯಲ್ಲಿ ಆ ಸಾಂಕ್ರಾಮಿಕ ರೋಗಗಳ ತಪಾಸಣಾ ಶಿಬಿರವನ್ನು ಹಮ್ಮಿಕೊಳ್ಳಲಾಯಿತು. 376ಕ್ಕೂ ಹೆಚ್ಚು ಪ್ರವಾಸಿಗರು ತಪಾಸಣೆ ಮಾಡಿಸಿಕೊಂಡರು. ಈ ವೇಳೆ ತಾಲೂಕು ಆರೋಗ್ಯ ಅಧಿಕಾರಿ ಡಾ.ಪ್ರಭಾಕರ್, ಡಾ.ಕಾವ್ಯ
ಸಿಬ್ಬಂದಿಗಳಾದ ಎಂ.ಉಮ್ಮಣ್ಣ, ಮಂಜುನಾಥ್, ಸುಧಾ, ಶಾಹಿನಾ, ಮಣಿಕಂಠ, ಆಶಾ ಕಾರ್ಯಕರ್ತೆ ರೇಣುಕಮ್ಮ, ಶಾರದಾ ಸೇರಿದಂತೆ ಇತರರಿದ್ದರು.
